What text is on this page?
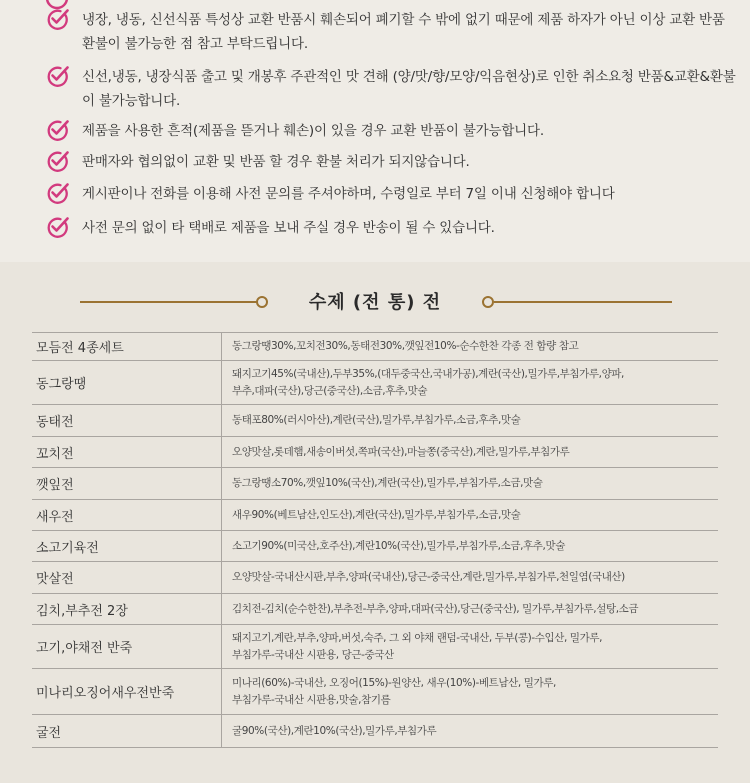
냉장, 냉동, 신선식품 특성상 교환 반품시 훼손되어 폐기할 수 밖에 없기 때문에 제품 하자가 아닌 이상 교환 반품 환불이 불가능한 점 참고 부탁드립니다.
신선,냉동, 냉장식품 출고 및 개봉후 주관적인 맛 견해 (양/맛/향/모양/익음현상)로 인한 취소요청 반품&교환&환불이 불가능합니다.
제품을 사용한 흔적(제품을 뜯거나 훼손)이 있을 경우 교환 반품이 불가능합니다.
판매자와 협의없이 교환 및 반품 할 경우 환불 처리가 되지않습니다.
게시판이나 전화를 이용해 사전 문의를 주셔야하며, 수령일로 부터 7일 이내 신청해야 합니다
사전 문의 없이 타 택배로 제품을 보내 주실 경우 반송이 될 수 있습니다.
수제 (전 통) 전
모듬전 4종세트	동그랑땡30%,꼬치전30%,동태전30%,깻잎전10%-순수한찬 각종 전 함량 참고

동그랑땡	돼지고기45%(국내산),두부35%,(대두중국산,국내가공),계란(국산),밀가루,부침가루,양파,
부추,대파(국산),당근(중국산),소금,후추,맛술

동태전	동태포80%(러시아산),계란(국산),밀가루,부침가루,소금,후추,맛술

꼬치전	오양맛살,롯데햄,새송이버섯,쪽파(국산),마늘쫑(중국산),계란,밀가루,부침가루

깻잎전	동그랑땡소70%,깻잎10%(국산),계란(국산),밀가루,부침가루,소금,맛술

새우전	새우90%(베트남산,인도산),계란(국산),밀가루,부침가루,소금,맛술

소고기육전	소고기90%(미국산,호주산),계란10%(국산),밀가루,부침가루,소금,후추,맛술

맛살전	오양맛살-국내산시판,부추,양파(국내산),당근-중국산,계란,밀가루,부침가루,천일염(국내산)

김치,부추전 2장	김치전-김치(순수한찬),부추전-부추,양파,대파(국산),당근(중국산), 밀가루,부침가루,설탕,소금

고기,야채전 반죽	돼지고기,계란,부추,양파,버섯,숙주, 그 외 야채 랜덤-국내산, 두부(콩)-수입산, 밀가루,
부침가루-국내산 시판용, 당근-중국산

미나리오징어새우전반죽	미나리(60%)-국내산, 오징어(15%)-원양산, 새우(10%)-베트남산, 밀가루,
부침가루-국내산 시판용,맛술,참기름

굴전	굴90%(국산),계란10%(국산),밀가루,부침가루
